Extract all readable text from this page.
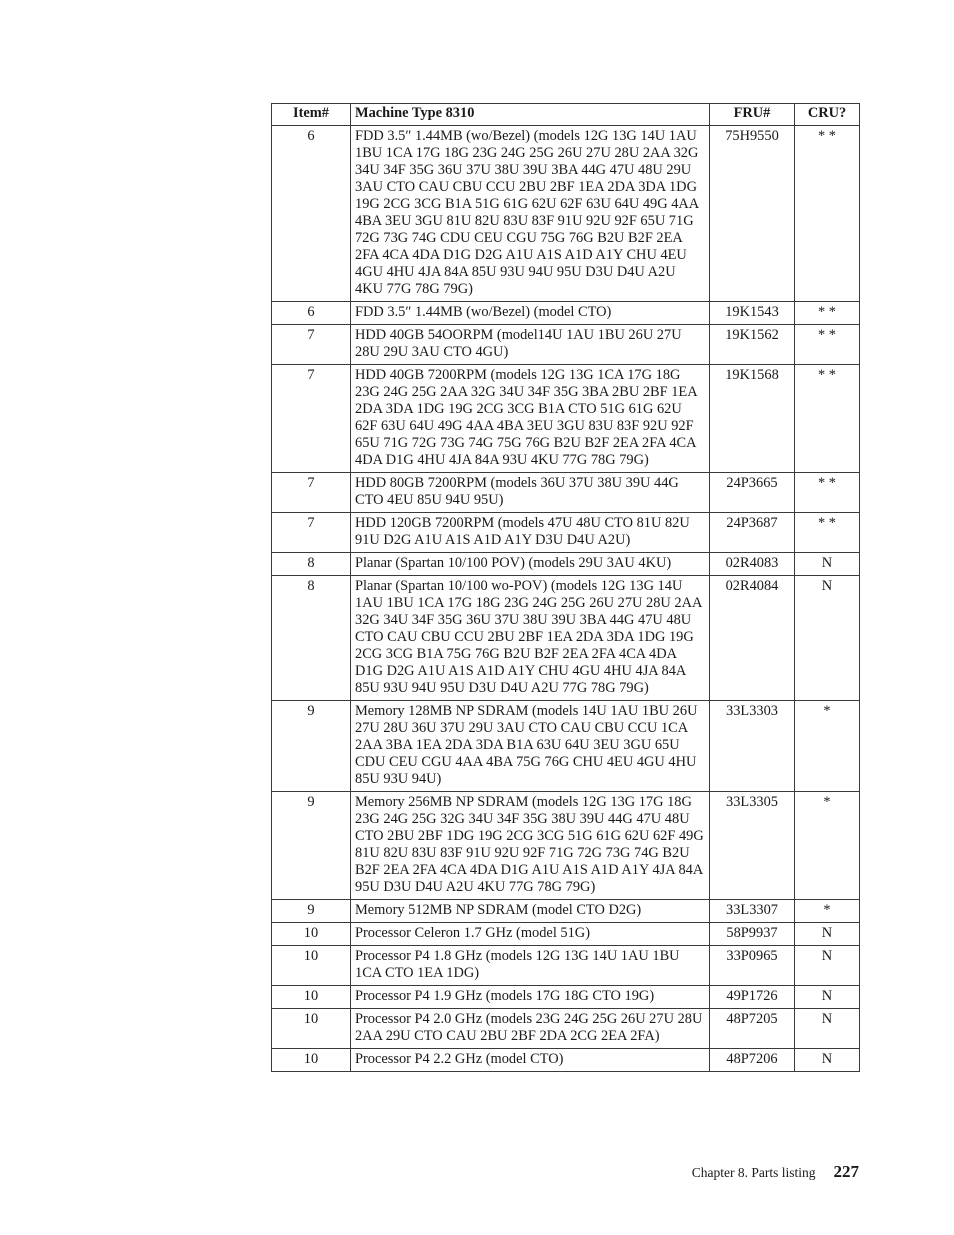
Item#	Machine Type 8310	FRU#	CRU?
6	FDD 3.5″ 1.44MB (wo/Bezel) (models 12G 13G 14U 1AU 1BU 1CA 17G 18G 23G 24G 25G 26U 27U 28U 2AA 32G 34U 34F 35G 36U 37U 38U 39U 3BA 44G 47U 48U 29U 3AU CTO CAU CBU CCU 2BU 2BF 1EA 2DA 3DA 1DG 19G 2CG 3CG B1A 51G 61G 62U 62F 63U 64U 49G 4AA 4BA 3EU 3GU 81U 82U 83U 83F 91U 92U 92F 65U 71G 72G 73G 74G CDU CEU CGU 75G 76G B2U B2F 2EA 2FA 4CA 4DA D1G D2G A1U A1S A1D A1Y CHU 4EU 4GU 4HU 4JA 84A 85U 93U 94U 95U D3U D4U A2U 4KU 77G 78G 79G)	75H9550	* *
6	FDD 3.5″ 1.44MB (wo/Bezel) (model CTO)	19K1543	* *
7	HDD 40GB 54OORPM (model14U 1AU 1BU 26U 27U 28U 29U 3AU CTO 4GU)	19K1562	* *
7	HDD 40GB 7200RPM (models 12G 13G 1CA 17G 18G 23G 24G 25G 2AA 32G 34U 34F 35G 3BA 2BU 2BF 1EA 2DA 3DA 1DG 19G 2CG 3CG B1A CTO 51G 61G 62U 62F 63U 64U 49G 4AA 4BA 3EU 3GU 83U 83F 92U 92F 65U 71G 72G 73G 74G 75G 76G B2U B2F 2EA 2FA 4CA 4DA D1G 4HU 4JA 84A 93U 4KU 77G 78G 79G)	19K1568	* *
7	HDD 80GB 7200RPM (models 36U 37U 38U 39U 44G CTO 4EU 85U 94U 95U)	24P3665	* *
7	HDD 120GB 7200RPM (models 47U 48U CTO 81U 82U 91U D2G A1U A1S A1D A1Y D3U D4U A2U)	24P3687	* *
8	Planar (Spartan 10/100 POV) (models 29U 3AU 4KU)	02R4083	N
8	Planar (Spartan 10/100 wo-POV) (models 12G 13G 14U 1AU 1BU 1CA 17G 18G 23G 24G 25G 26U 27U 28U 2AA 32G 34U 34F 35G 36U 37U 38U 39U 3BA 44G 47U 48U CTO CAU CBU CCU 2BU 2BF 1EA 2DA 3DA 1DG 19G 2CG 3CG B1A 75G 76G B2U B2F 2EA 2FA 4CA 4DA D1G D2G A1U A1S A1D A1Y CHU 4GU 4HU 4JA 84A 85U 93U 94U 95U D3U D4U A2U 77G 78G 79G)	02R4084	N
9	Memory 128MB NP SDRAM (models 14U 1AU 1BU 26U 27U 28U 36U 37U 29U 3AU CTO CAU CBU CCU 1CA 2AA 3BA 1EA 2DA 3DA B1A 63U 64U 3EU 3GU 65U CDU CEU CGU 4AA 4BA 75G 76G CHU 4EU 4GU 4HU 85U 93U 94U)	33L3303	*
9	Memory 256MB NP SDRAM (models 12G 13G 17G 18G 23G 24G 25G 32G 34U 34F 35G 38U 39U 44G 47U 48U CTO 2BU 2BF 1DG 19G 2CG 3CG 51G 61G 62U 62F 49G 81U 82U 83U 83F 91U 92U 92F 71G 72G 73G 74G B2U B2F 2EA 2FA 4CA 4DA D1G A1U A1S A1D A1Y 4JA 84A 95U D3U D4U A2U 4KU 77G 78G 79G)	33L3305	*
9	Memory 512MB NP SDRAM (model CTO D2G)	33L3307	*
10	Processor Celeron 1.7 GHz (model 51G)	58P9937	N
10	Processor P4 1.8 GHz (models 12G 13G 14U 1AU 1BU 1CA CTO 1EA 1DG)	33P0965	N
10	Processor P4 1.9 GHz (models 17G 18G CTO 19G)	49P1726	N
10	Processor P4 2.0 GHz (models 23G 24G 25G 26U 27U 28U 2AA 29U CTO CAU 2BU 2BF 2DA 2CG 2EA 2FA)	48P7205	N
10	Processor P4 2.2 GHz (model CTO)	48P7206	N
Chapter 8. Parts listing 227
